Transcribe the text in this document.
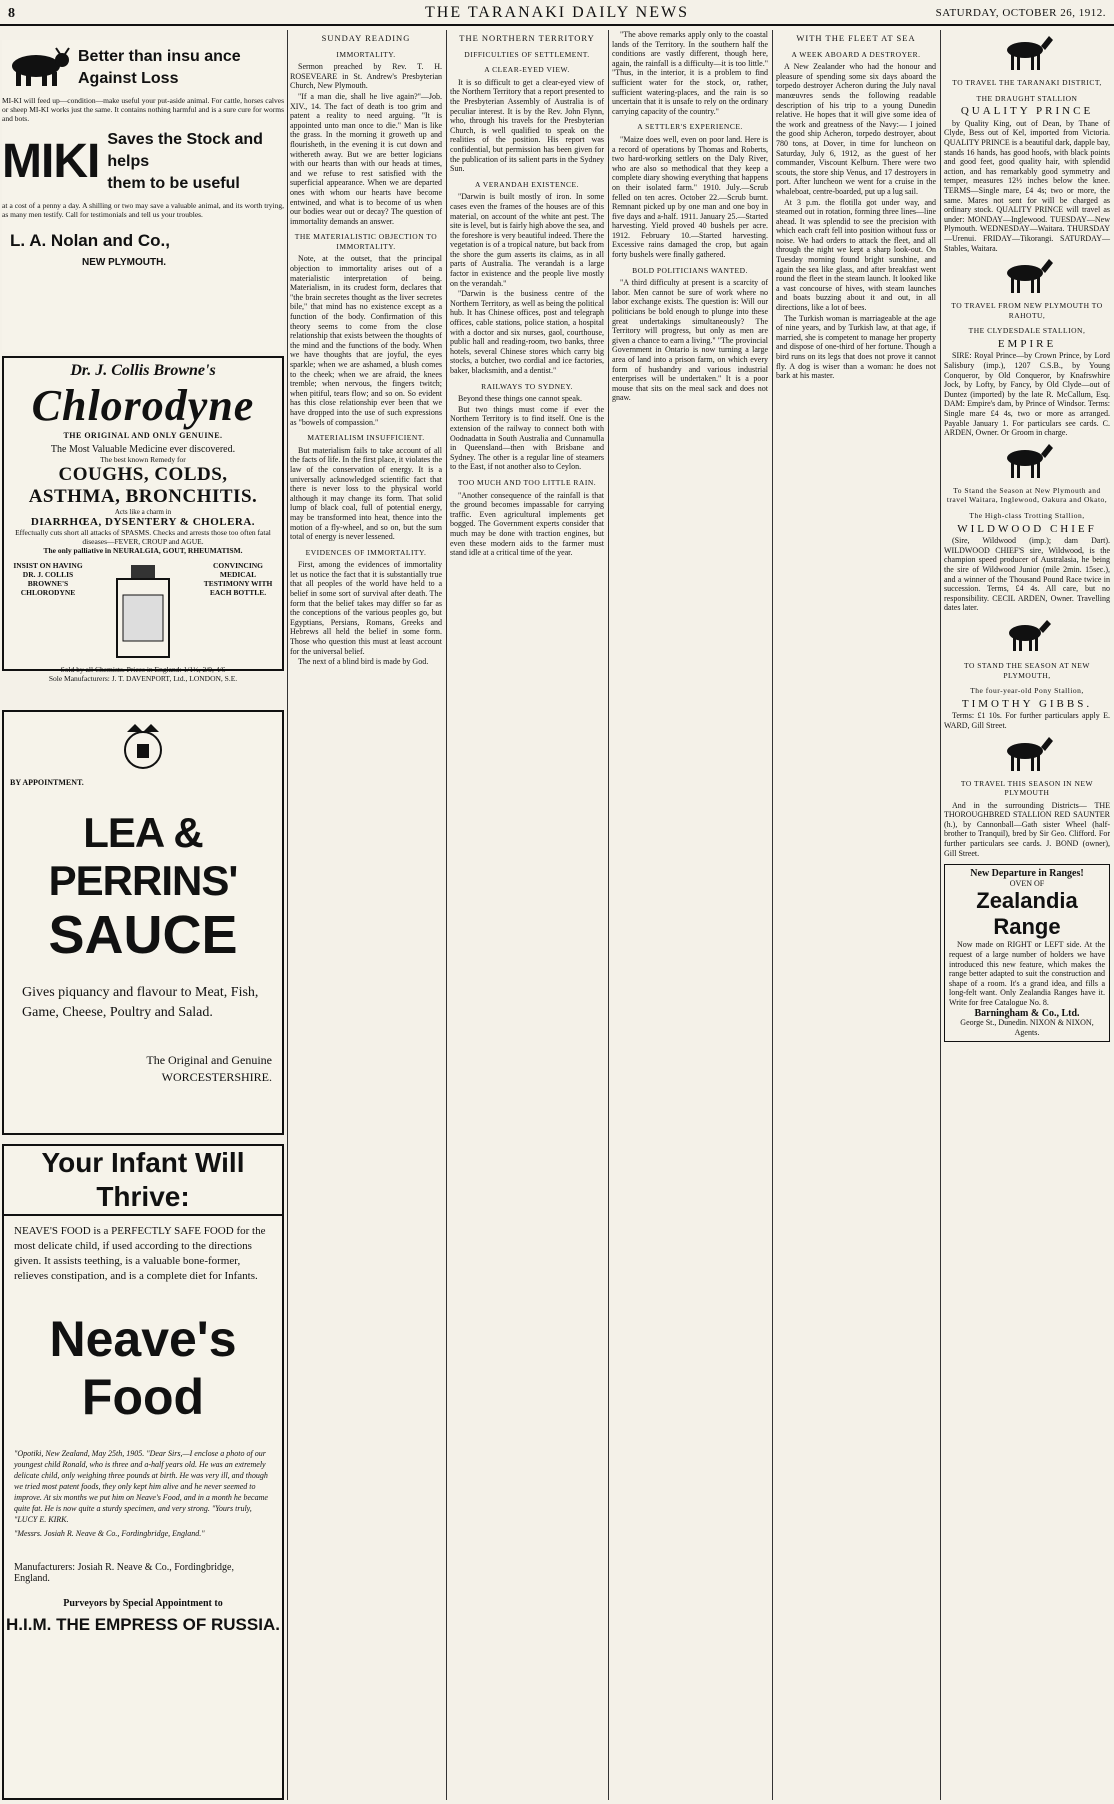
8	THE TARANAKI DAILY NEWS	SATURDAY, OCTOBER 26, 1912.
Better than insu ance
Against Loss
MI-KI will feed up—condition—make useful your put-aside animal. For cattle, horses calves or sheep MI-KI works just the same. It contains nothing harmful and is a sure cure for worms and bots.
MIKI Saves the Stock and helps
them to be useful
at a cost of a penny a day. A shilling or two may save a valuable animal, and its worth trying, as many men testify. Call for testimonials and tell us your troubles.
L. A. Nolan and Co.,
NEW PLYMOUTH.
Dr. J. Collis Browne's
Chlorodyne
THE ORIGINAL AND ONLY GENUINE.
The Most Valuable Medicine ever discovered.
The best known Remedy for
COUGHS, COLDS,
ASTHMA, BRONCHITIS.
Acts like a charm in
DIARRHŒA, DYSENTERY & CHOLERA.
Effectually cuts short all attacks of SPASMS. Checks and arrests those too often fatal diseases—FEVER, CROUP and AGUE.
The only palliative in NEURALGIA, GOUT, RHEUMATISM.
INSIST ON HAVING DR. J. COLLIS BROWNE'S CHLORODYNE
CONVINCING MEDICAL TESTIMONY WITH EACH BOTTLE.
Sold by all Chemists. Prices in England: 1/1½, 2/9, 4/6
Sole Manufacturers: J. T. DAVENPORT, Ltd., LONDON, S.E.
BY APPOINTMENT.
LEA & PERRINS'
SAUCE
Gives piquancy and flavour to Meat, Fish, Game, Cheese, Poultry and Salad.
The Original and Genuine
WORCESTERSHIRE.
Your Infant Will Thrive:
NEAVE'S FOOD is a PERFECTLY SAFE FOOD for the most delicate child, if used according to the directions given. It assists teething, is a valuable bone-former, relieves constipation, and is a complete diet for Infants.
Neave's Food
"Opotiki, New Zealand, May 25th, 1905. "Dear Sirs,—I enclose a photo of our youngest child Ronald, who is three and a-half years old. He was an extremely delicate child, only weighing three pounds at birth. He was very ill, and though we tried most patent foods, they only kept him alive and he never seemed to improve. At six months we put him on Neave's Food, and in a month he became quite fat. He is now quite a sturdy specimen, and very strong. "Yours truly, "LUCY E. KIRK.
"Messrs. Josiah R. Neave & Co., Fordingbridge, England."
Manufacturers: Josiah R. Neave & Co., Fordingbridge, England.
Purveyors by Special Appointment to
H.I.M. THE EMPRESS OF RUSSIA.
SUNDAY READING
IMMORTALITY.

Sermon preached by Rev. T. H. ROSEVEARE in St. Andrew's Presbyterian Church, New Plymouth.

"If a man die, shall he live again?"—Job. XIV., 14. The fact of death is too grim and patent a reality to need arguing. "It is appointed unto man once to die." Man is like the grass. In the morning it groweth up and flourisheth, in the evening it is cut down and withereth away. But we are better logicians with our hearts than with our heads at times, and we refuse to rest satisfied with the superficial appearance. When we are departed ones with whom our hearts have become entwined, and what is to become of us when our bodies wear out or decay? The question of immortality demands an answer.

THE MATERIALISTIC OBJECTION TO IMMORTALITY.

Note, at the outset, that the principal objection to immortality arises out of a materialistic interpretation of being. Materialism, in its crudest form, declares that "the brain secretes thought as the liver secretes bile," that mind has no existence except as a function of the body. Confirmation of this theory seems to come from the close relationship that exists between the thoughts of the mind and the functions of the body. When we have thoughts that are joyful, the eyes sparkle; when we are ashamed, a blush comes to the cheek; when we are afraid, the knees tremble; when nervous, the fingers twitch; when pitiful, tears flow; and so on. So evident has this close relationship ever been that we have dropped into the use of such expressions as "bowels of compassion."

MATERIALISM INSUFFICIENT.

But materialism fails to take account of all the facts of life. In the first place, it violates the law of the conservation of energy. It is a universally acknowledged scientific fact that there is never loss to the physical world although it may change its form. That solid lump of black coal, full of potential energy, may be transformed into heat, thence into the motion of a fly-wheel, and so on, but the sum total of energy is never lessened.

EVIDENCES OF IMMORTALITY.

First, among the evidences of immortality let us notice the fact that it is substantially true that all peoples of the world have held to a belief in some sort of survival after death. The form that the belief takes may differ so far as the conceptions of the various peoples go, but Egyptians, Persians, Romans, Greeks and Hebrews all held the belief in some form. Those who question this must at least account for the universal belief.

The next of a blind bird is made by God.

THE NORTHERN TERRITORY
DIFFICULTIES OF SETTLEMENT.
A CLEAR-EYED VIEW.

It is so difficult to get a clear-eyed view of the Northern Territory that a report presented to the Presbyterian Assembly of Australia is of peculiar interest. It is by the Rev. John Flynn, who, through his travels for the Presbyterian Church, is well qualified to speak on the realities of the position. His report was confidential, but permission has been given for the publication of its salient parts in the Sydney Sun.

A VERANDAH EXISTENCE.

"Darwin is built mostly of iron. In some cases even the frames of the houses are of this material, on account of the white ant pest. The site is level, but is fairly high above the sea, and the foreshore is very beautiful indeed. There the vegetation is of a tropical nature, but back from the shore the gum asserts its claims, as in all parts of Australia. The verandah is a large factor in existence and the people live mostly on the verandah."

"Darwin is the business centre of the Northern Territory, as well as being the political hub. It has Chinese offices, post and telegraph offices, cable stations, police station, a hospital with a doctor and six nurses, gaol, courthouse, public hall and reading-room, two banks, three hotels, several Chinese stores which carry big stocks, a butcher, two cordial and ice factories, baker, blacksmith, and a dentist."

RAILWAYS TO SYDNEY.

Beyond these things one cannot speak.

But two things must come if ever the Northern Territory is to find itself. One is the extension of the railway to connect both with Oodnadatta in South Australia and Cunnamulla in Queensland—then with Brisbane and Sydney. The other is a regular line of steamers to the East, if not another also to Ceylon.

TOO MUCH AND TOO LITTLE RAIN.

"Another consequence of the rainfall is that the ground becomes impassable for carrying traffic. Even agricultural implements get bogged. The Government experts consider that much may be done with traction engines, but even these modern aids to the farmer must stand idle at a critical time of the year.

"The above remarks apply only to the coastal lands of the Territory. In the southern half the conditions are vastly different, though here, again, the rainfall is a difficulty—it is too little." "Thus, in the interior, it is a problem to find sufficient water for the stock, or, rather, sufficient watering-places, and the rain is so uncertain that it is unsafe to rely on the ordinary carrying capacity of the country."

A SETTLER'S EXPERIENCE.

"Maize does well, even on poor land. Here is a record of operations by Thomas and Roberts, two hard-working settlers on the Daly River, who are also so methodical that they keep a complete diary showing everything that happens on their isolated farm." 1910. July.—Scrub felled on ten acres. October 22.—Scrub burnt. Remnant picked up by one man and one boy in five days and a-half. 1911. January 25.—Started harvesting. Yield proved 40 bushels per acre. 1912. February 10.—Started harvesting. Excessive rains damaged the crop, but again forty bushels were finally gathered.

BOLD POLITICIANS WANTED.

"A third difficulty at present is a scarcity of labor. Men cannot be sure of work where no labor exchange exists. The question is: Will our politicians be bold enough to plunge into these great undertakings simultaneously? The Territory will progress, but only as men are given a chance to earn a living." "The provincial Government in Ontario is now turning a large area of land into a prison farm, on which every form of husbandry and various industrial enterprises will be undertaken." It is a poor mouse that sits on the meal sack and does not gnaw.

WITH THE FLEET AT SEA
A WEEK ABOARD A DESTROYER.

A New Zealander who had the honour and pleasure of spending some six days aboard the torpedo destroyer Acheron during the July naval manœuvres sends the following readable description of his trip to a young Dunedin relative. He hopes that it will give some idea of the work and greatness of the Navy:— I joined the good ship Acheron, torpedo destroyer, about 780 tons, at Dover, in time for luncheon on Saturday, July 6, 1912, as the guest of her commander, Viscount Kelburn. There were two scouts, the store ship Venus, and 17 destroyers in port. After luncheon we went for a cruise in the whaleboat, centre-boarded, put up a lug sail.

At 3 p.m. the flotilla got under way, and steamed out in rotation, forming three lines—line ahead. It was splendid to see the precision with which each craft fell into position without fuss or noise. We had orders to attack the fleet, and all through the night we kept a sharp look-out. On Tuesday morning found bright sunshine, and again the sea like glass, and after breakfast went round the fleet in the steam launch. It looked like a vast concourse of hives, with steam launches and boats buzzing about it and out, in all directions, like a lot of bees.

The Turkish woman is marriageable at the age of nine years, and by Turkish law, at that age, if married, she is competent to manage her property and dispose of one-third of her fortune. Though a bird runs on its legs that does not prove it cannot fly. A dog is wiser than a woman: he does not bark at his master.

TO TRAVEL THE TARANAKI DISTRICT,
THE DRAUGHT STALLION
QUALITY PRINCE

by Quality King, out of Dean, by Thane of Clyde, Bess out of Kel, imported from Victoria. QUALITY PRINCE is a beautiful dark, dapple bay, stands 16 hands, has good hoofs, with black points and good feet, good quality hair, with splendid action, and has remarkably good symmetry and temper, measures 12½ inches below the knee. TERMS—Single mare, £4 4s; two or more, the same. Mares not sent for will be charged as ordinary stock. QUALITY PRINCE will travel as under: MONDAY—Inglewood. TUESDAY—New Plymouth. WEDNESDAY—Waitara. THURSDAY—Urenui. FRIDAY—Tikorangi. SATURDAY—Stables, Waitara.

TO TRAVEL FROM NEW PLYMOUTH TO RAHOTU,
THE CLYDESDALE STALLION,
EMPIRE

SIRE: Royal Prince—by Crown Prince, by Lord Salisbury (imp.), 1207 C.S.B., by Young Conqueror, by Old Conqueror, by Knafrswhire Jock, by Lofty, by Fancy, by Old Clyde—out of Duntez (imported) by the late R. McCallum, Esq. DAM: Empire's dam, by Prince of Windsor. Terms: Single mare £4 4s, two or more as arranged. Payable January 1. For particulars see cards. C. ARDEN, Owner. Or Groom in charge.

To Stand the Season at New Plymouth and travel Waitara, Inglewood, Oakura and Okato,
The High-class Trotting Stallion,
WILDWOOD CHIEF

(Sire, Wildwood (imp.); dam Dart). WILDWOOD CHIEF'S sire, Wildwood, is the champion speed producer of Australasia, he being the sire of Wildwood Junior (mile 2min. 15sec.), and a winner of the Thousand Pound Race twice in succession. Terms, £4 4s. All care, but no responsibility. CECIL ARDEN, Owner. Travelling dates later.

TO STAND THE SEASON AT NEW PLYMOUTH,
The four-year-old Pony Stallion,
TIMOTHY GIBBS.

Terms: £1 10s. For further particulars apply E. WARD, Gill Street.

TO TRAVEL THIS SEASON IN NEW PLYMOUTH

And in the surrounding Districts— THE THOROUGHBRED STALLION RED SAUNTER (h.), by Cannonball—Gath sister Wheel (half-brother to Tranquil), bred by Sir Geo. Clifford. For further particulars see cards. J. BOND (owner), Gill Street.

New Departure in Ranges!
OVEN OF
Zealandia Range

Now made on RIGHT or LEFT side. At the request of a large number of holders we have introduced this new feature, which makes the range better adapted to suit the construction and shape of a room. It's a grand idea, and fills a long-felt want. Only Zealandia Ranges have it. Write for free Catalogue No. 8.

Barningham & Co., Ltd.
George St., Dunedin. NIXON & NIXON, Agents.
